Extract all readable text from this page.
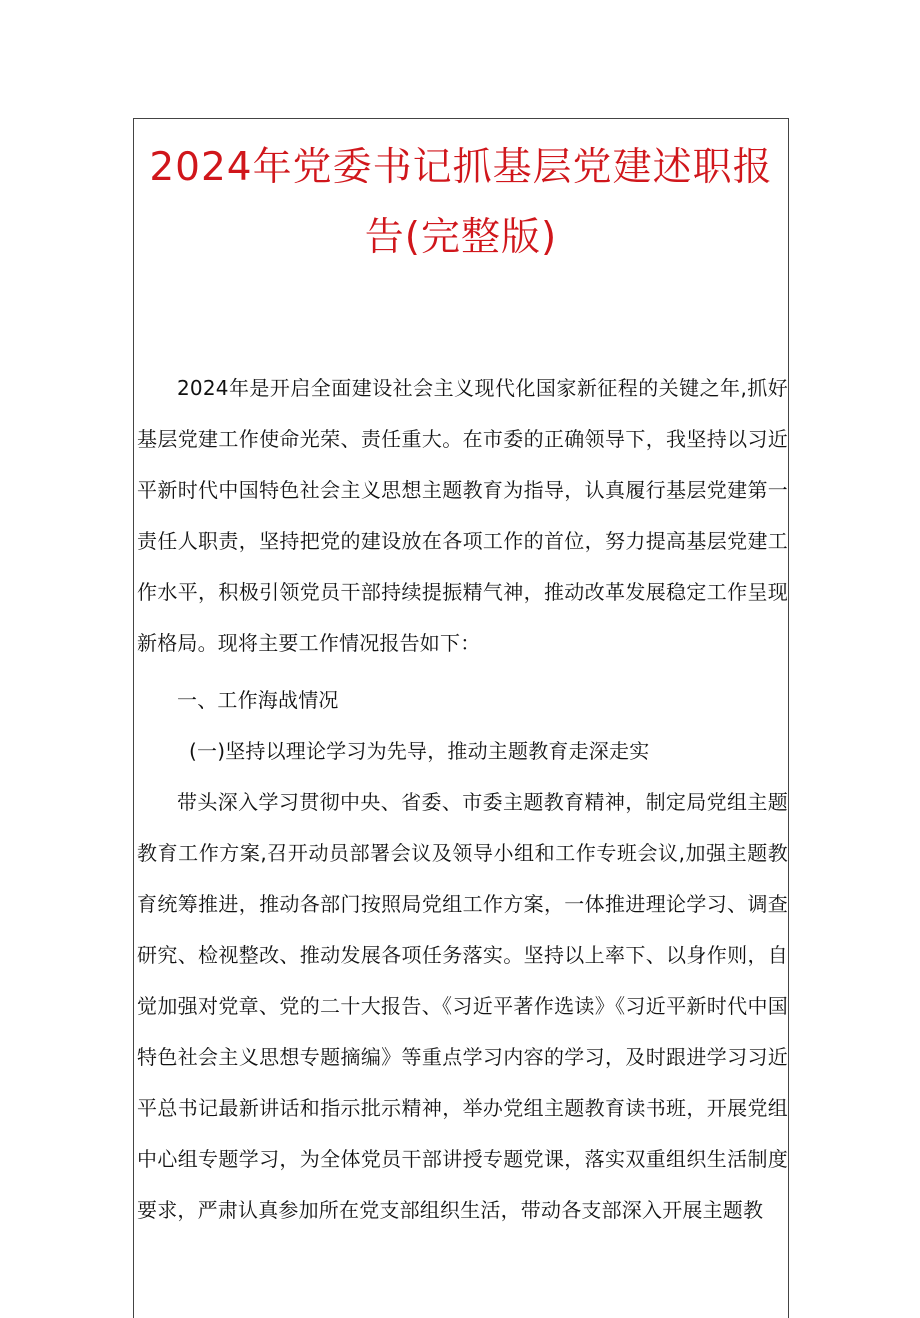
2024年党委书记抓基层党建述职报
告(完整版)

2024年是开启全面建设社会主义现代化国家新征程的关键之年,抓好基层党建工作使命光荣、责任重大。在市委的正确领导下，我坚持以习近平新时代中国特色社会主义思想主题教育为指导，认真履行基层党建第一责任人职责，坚持把党的建设放在各项工作的首位，努力提高基层党建工作水平，积极引领党员干部持续提振精气神，推动改革发展稳定工作呈现新格局。现将主要工作情况报告如下：

一、工作海战情况

(一)坚持以理论学习为先导，推动主题教育走深走实

带头深入学习贯彻中央、省委、市委主题教育精神，制定局党组主题教育工作方案,召开动员部署会议及领导小组和工作专班会议,加强主题教育统筹推进，推动各部门按照局党组工作方案，一体推进理论学习、调查研究、检视整改、推动发展各项任务落实。坚持以上率下、以身作则，自觉加强对党章、党的二十大报告、《习近平著作选读》《习近平新时代中国特色社会主义思想专题摘编》等重点学习内容的学习，及时跟进学习习近平总书记最新讲话和指示批示精神，举办党组主题教育读书班，开展党组中心组专题学习，为全体党员干部讲授专题党课，落实双重组织生活制度要求，严肃认真参加所在党支部组织生活，带动各支部深入开展主题教
